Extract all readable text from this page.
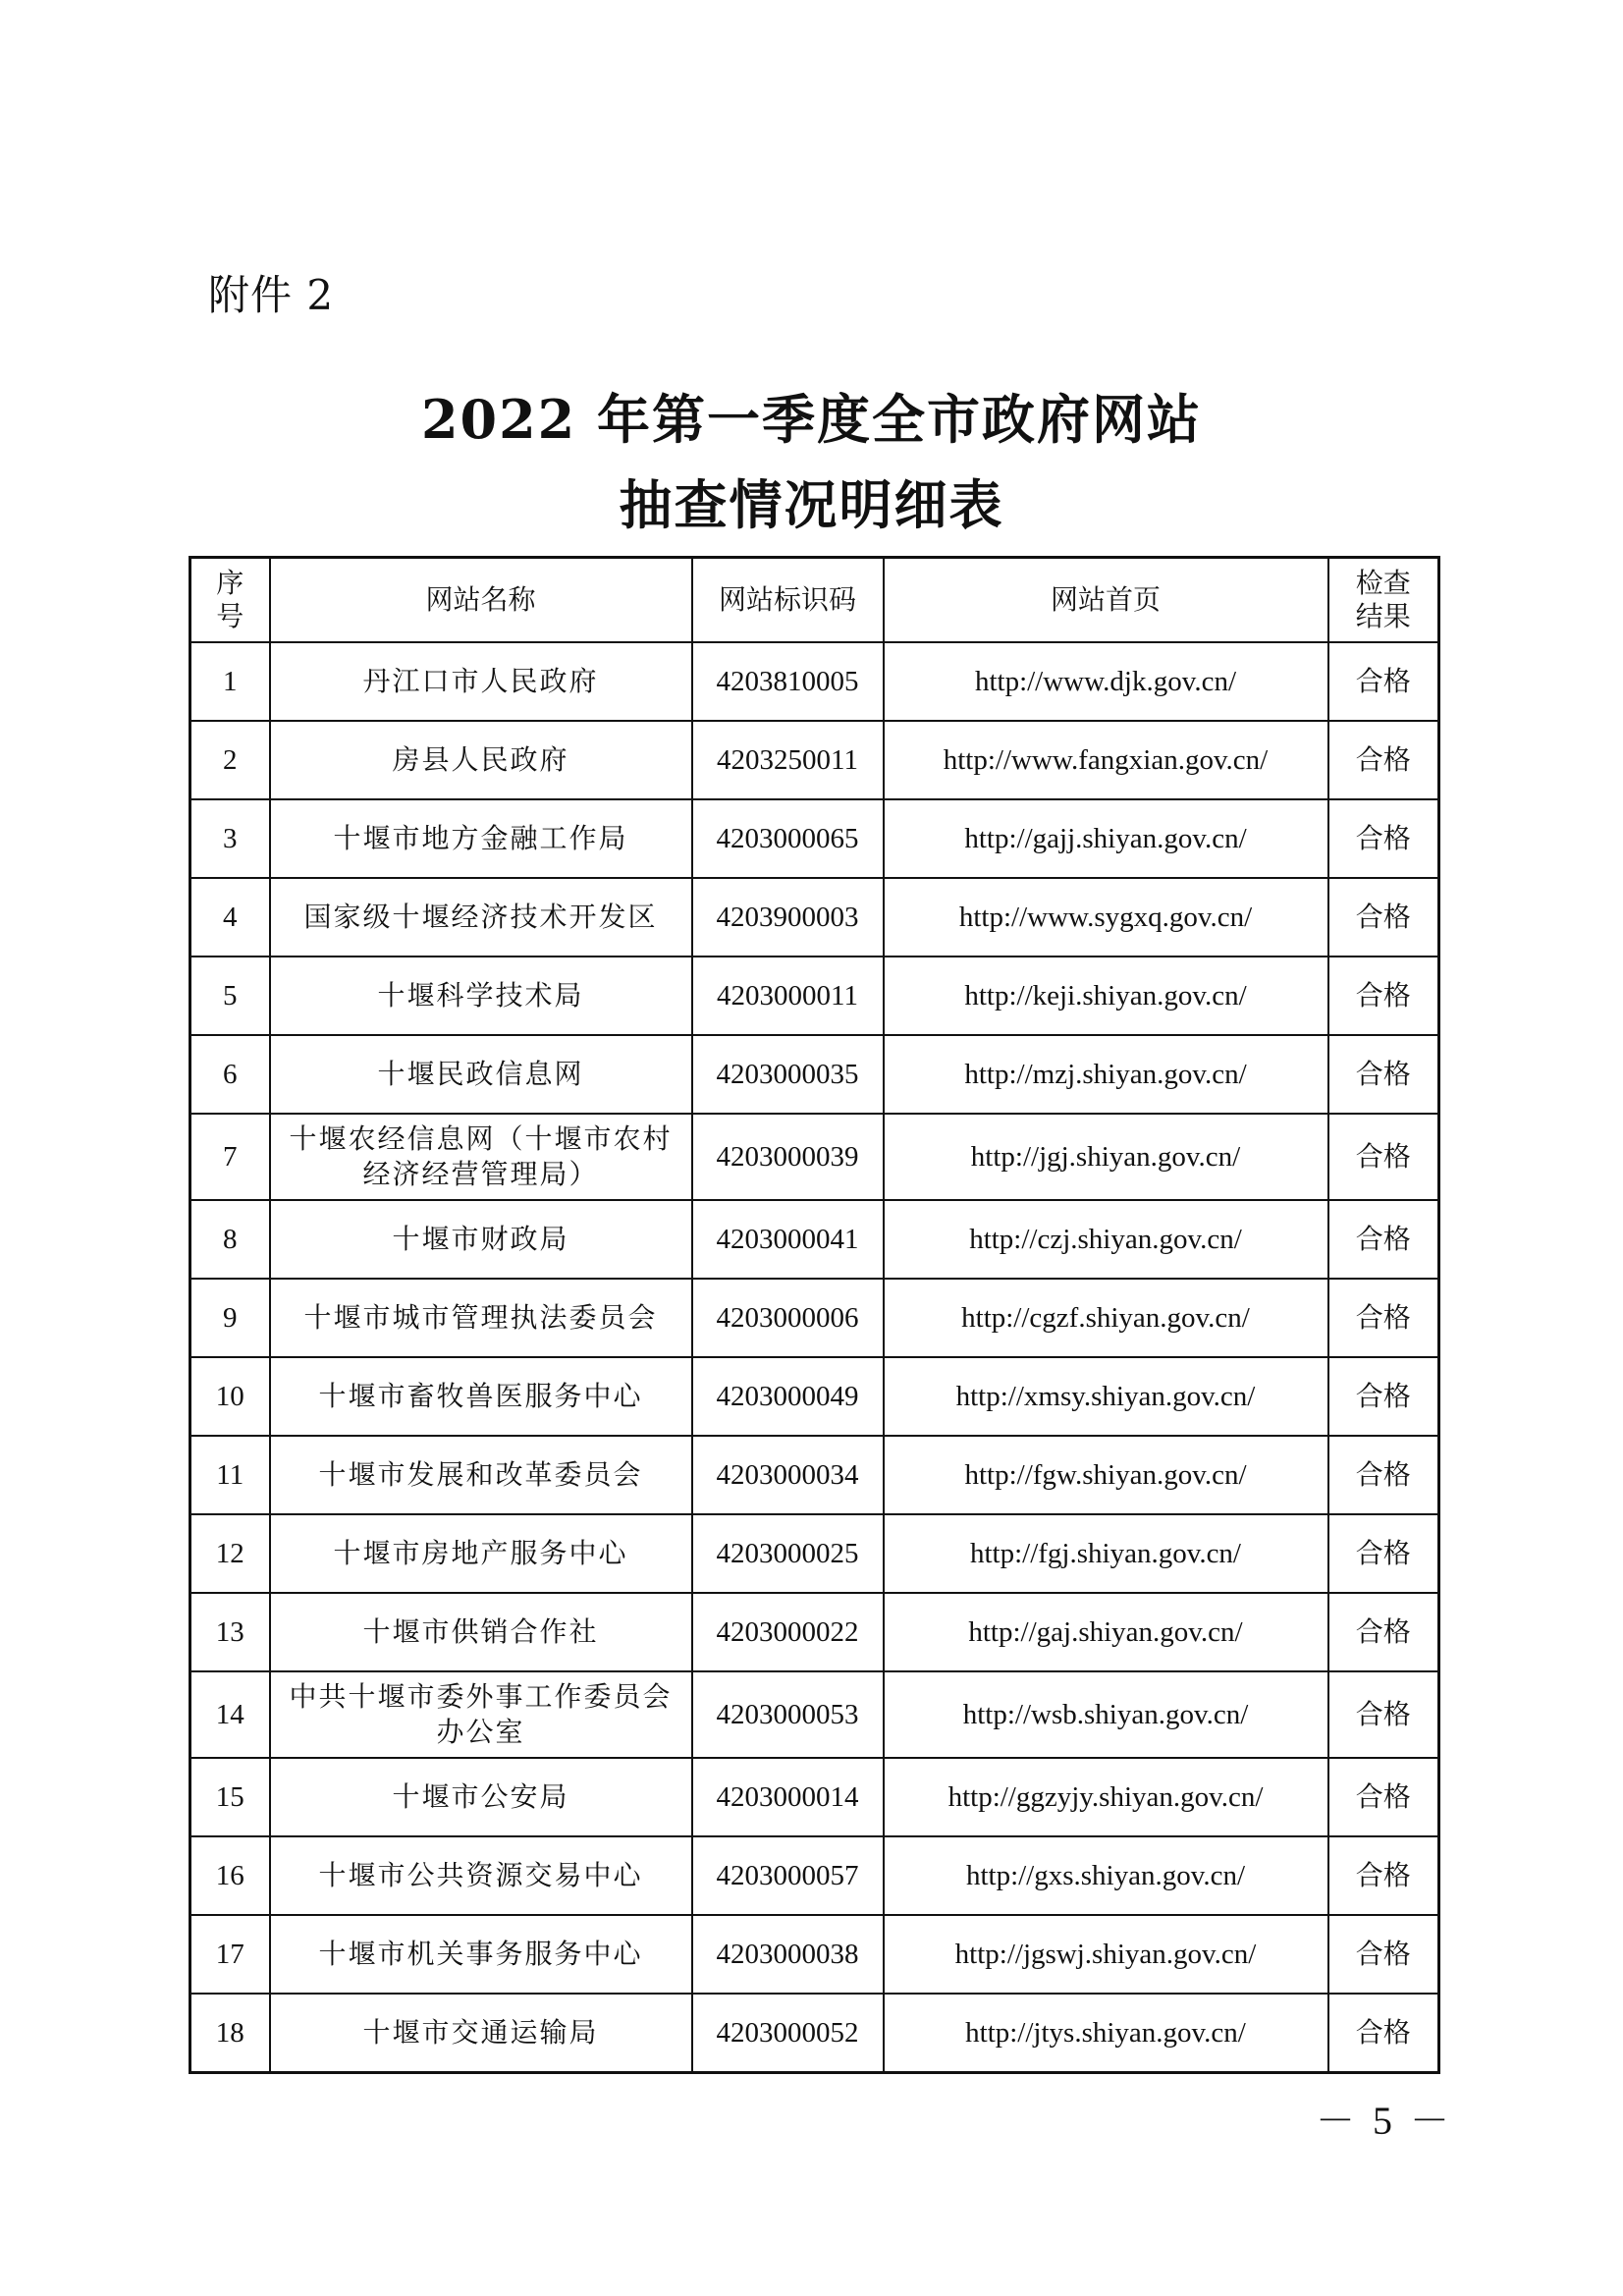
附件 2
2022 年第一季度全市政府网站
抽查情况明细表
序号	网站名称	网站标识码	网站首页	检查结果
1	丹江口市人民政府	4203810005	http://www.djk.gov.cn/	合格
2	房县人民政府	4203250011	http://www.fangxian.gov.cn/	合格
3	十堰市地方金融工作局	4203000065	http://gajj.shiyan.gov.cn/	合格
4	国家级十堰经济技术开发区	4203900003	http://www.sygxq.gov.cn/	合格
5	十堰科学技术局	4203000011	http://keji.shiyan.gov.cn/	合格
6	十堰民政信息网	4203000035	http://mzj.shiyan.gov.cn/	合格
7	十堰农经信息网（十堰市农村经济经营管理局）	4203000039	http://jgj.shiyan.gov.cn/	合格
8	十堰市财政局	4203000041	http://czj.shiyan.gov.cn/	合格
9	十堰市城市管理执法委员会	4203000006	http://cgzf.shiyan.gov.cn/	合格
10	十堰市畜牧兽医服务中心	4203000049	http://xmsy.shiyan.gov.cn/	合格
11	十堰市发展和改革委员会	4203000034	http://fgw.shiyan.gov.cn/	合格
12	十堰市房地产服务中心	4203000025	http://fgj.shiyan.gov.cn/	合格
13	十堰市供销合作社	4203000022	http://gaj.shiyan.gov.cn/	合格
14	中共十堰市委外事工作委员会办公室	4203000053	http://wsb.shiyan.gov.cn/	合格
15	十堰市公安局	4203000014	http://ggzyjy.shiyan.gov.cn/	合格
16	十堰市公共资源交易中心	4203000057	http://gxs.shiyan.gov.cn/	合格
17	十堰市机关事务服务中心	4203000038	http://jgswj.shiyan.gov.cn/	合格
18	十堰市交通运输局	4203000052	http://jtys.shiyan.gov.cn/	合格
－ 5 －
